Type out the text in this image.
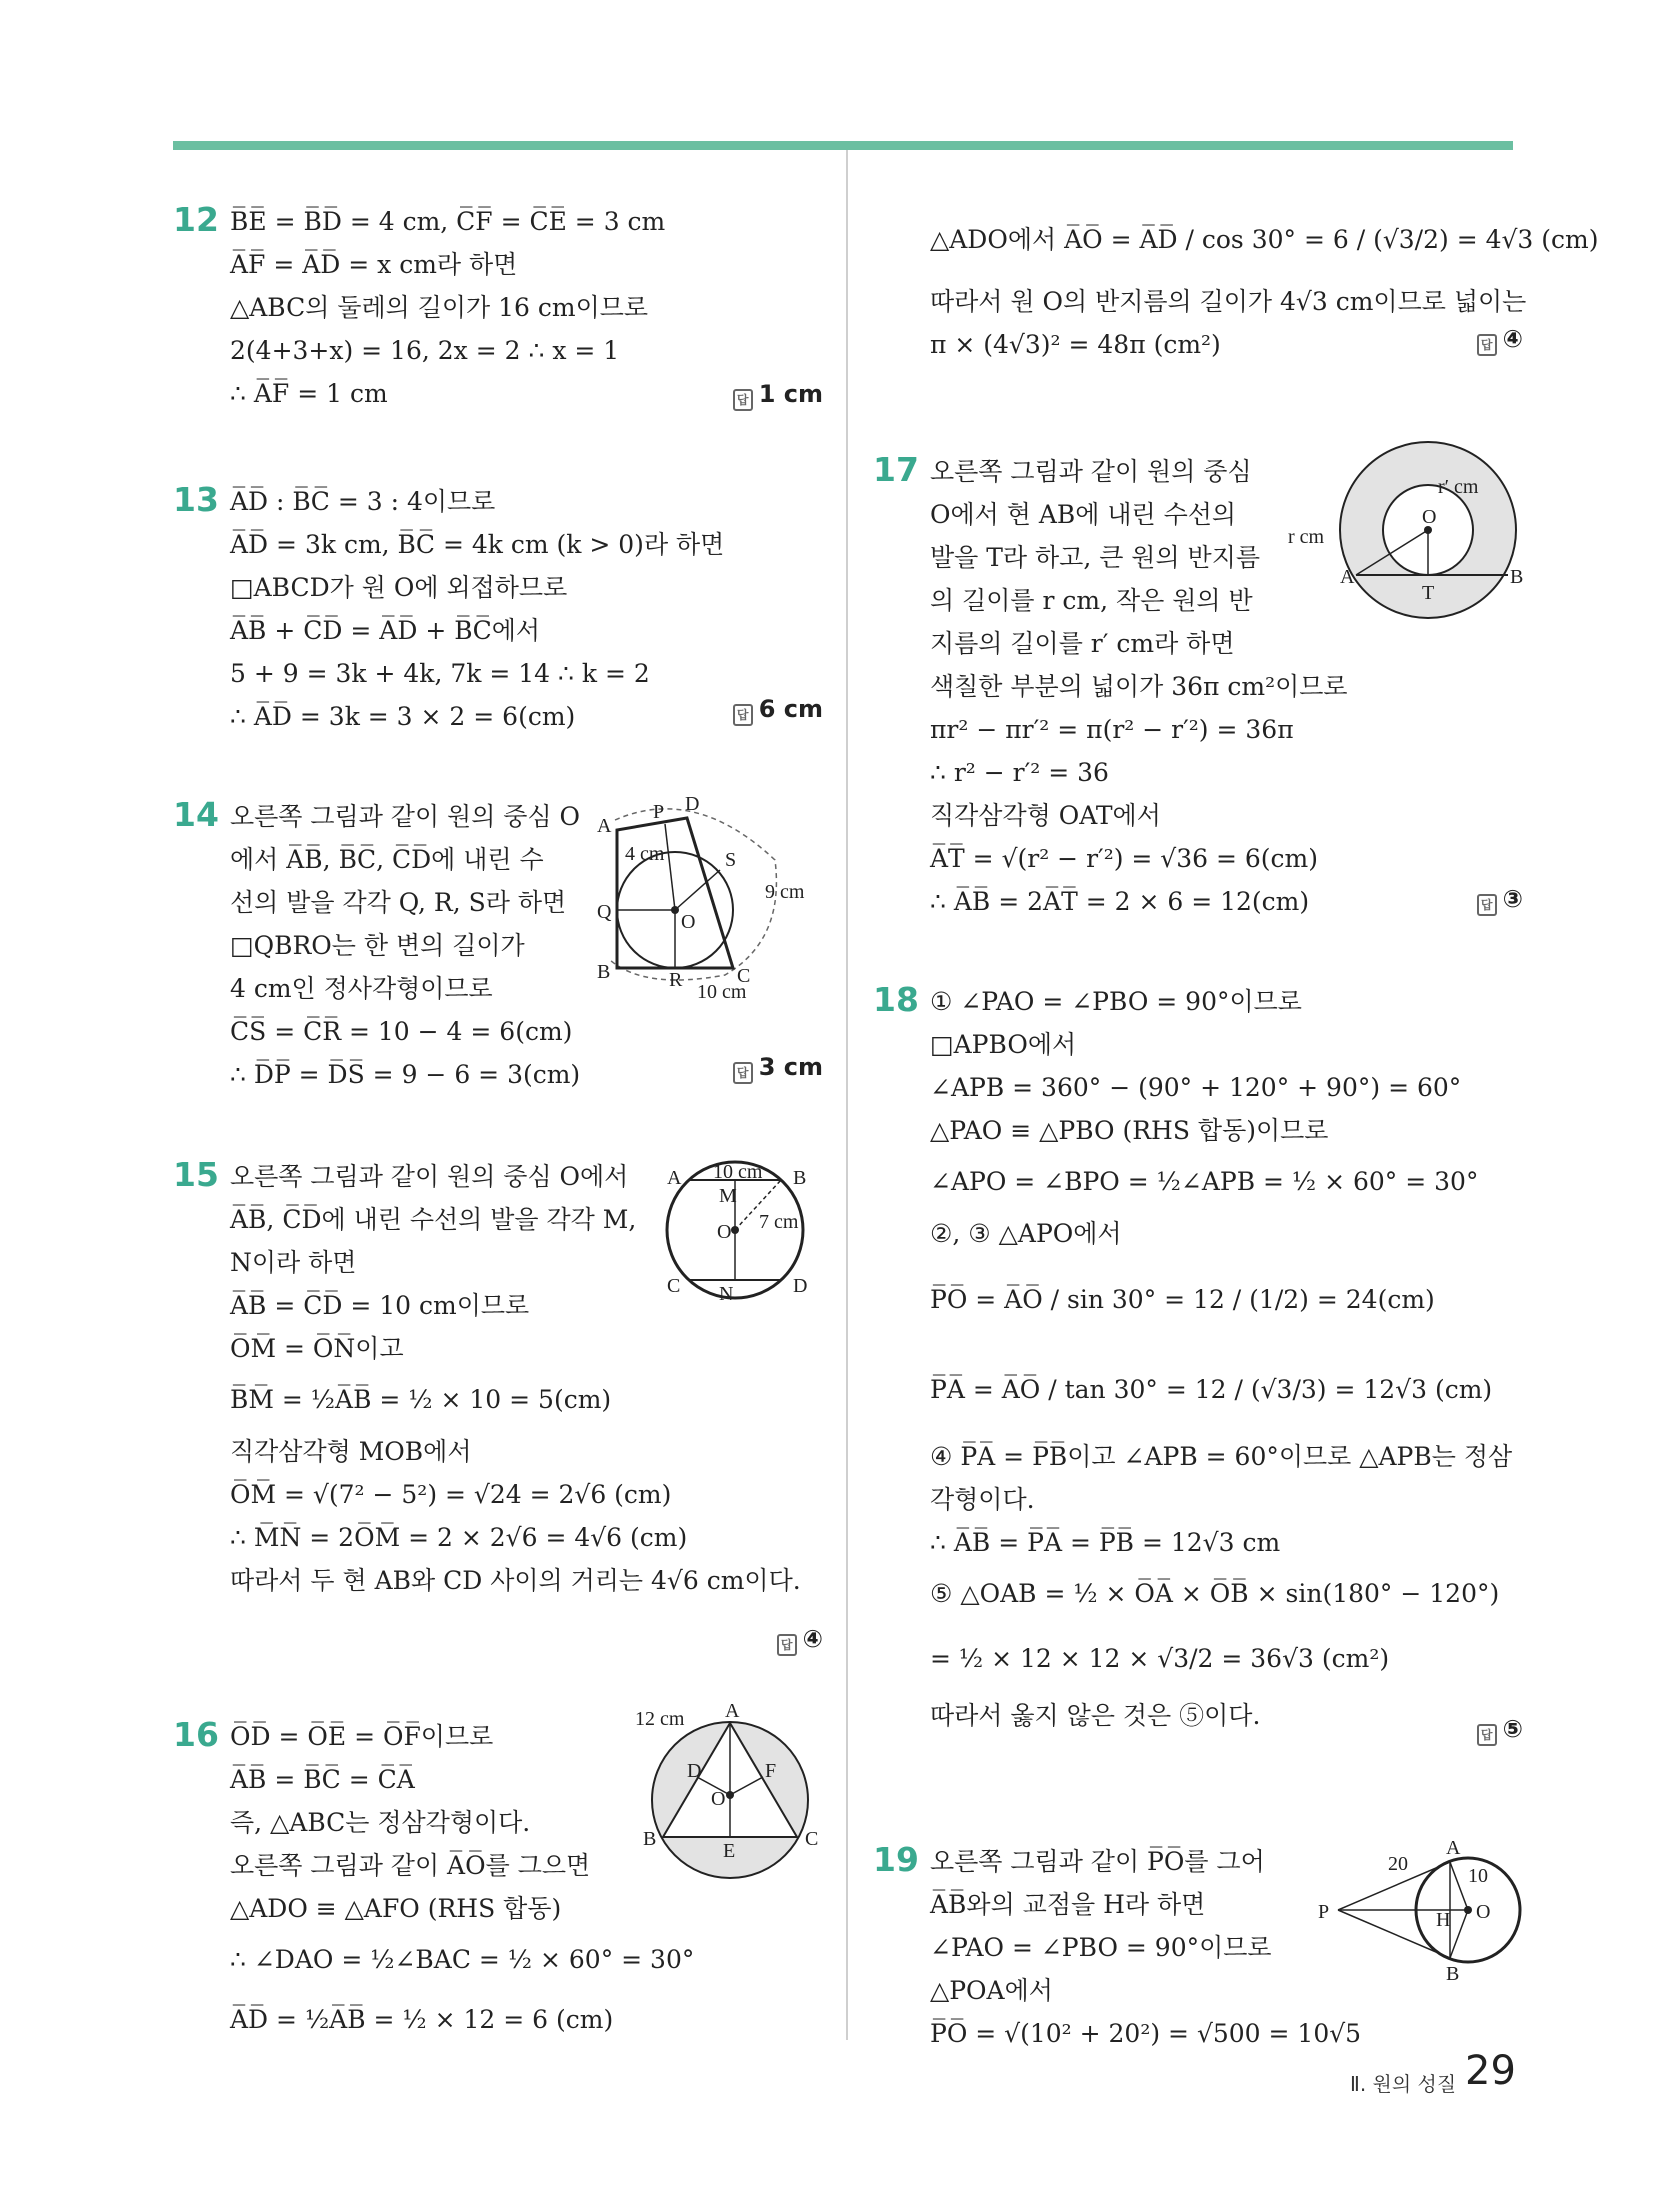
12 B̅E̅ = B̅D̅ = 4 cm, C̅F̅ = C̅E̅ = 3 cm
A̅F̅ = A̅D̅ = x cm라 하면
△ABC의 둘레의 길이가 16 cm이므로
2(4+3+x) = 16, 2x = 2 ∴ x = 1
∴ A̅F̅ = 1 cm	답 1 cm
13 A̅D̅ : B̅C̅ = 3 : 4이므로
A̅D̅ = 3k cm, B̅C̅ = 4k cm (k > 0)라 하면
□ABCD가 원 O에 외접하므로
A̅B̅ + C̅D̅ = A̅D̅ + B̅C̅에서
5 + 9 = 3k + 4k, 7k = 14 ∴ k = 2
∴ A̅D̅ = 3k = 3 × 2 = 6(cm)	답 6 cm
14 오른쪽 그림과 같이 원의 중심 O
에서 A̅B̅, B̅C̅, C̅D̅에 내린 수
선의 발을 각각 Q, R, S라 하면
□QBRO는 한 변의 길이가
4 cm인 정사각형이므로
C̅S̅ = C̅R̅ = 10 − 4 = 6(cm)
∴ D̅P̅ = D̅S̅ = 9 − 6 = 3(cm)	답 3 cm
A
B	C
D
P
Q
R
S
O
4 cm
9 cm
10 cm
15 오른쪽 그림과 같이 원의 중심 O에서
A̅B̅, C̅D̅에 내린 수선의 발을 각각 M,
N이라 하면
A̅B̅ = C̅D̅ = 10 cm이므로
O̅M̅ = O̅N̅이고
B̅M̅ = ½A̅B̅ = ½ × 10 = 5(cm)
직각삼각형 MOB에서
O̅M̅ = √(7² − 5²) = √24 = 2√6 (cm)
∴ M̅N̅ = 2O̅M̅ = 2 × 2√6 = 4√6 (cm)
따라서 두 현 AB와 CD 사이의 거리는 4√6 cm이다.
답 ④
A	B
C	D
M
N
O
10 cm
7 cm
16 O̅D̅ = O̅E̅ = O̅F̅이므로
A̅B̅ = B̅C̅ = C̅A̅
즉, △ABC는 정삼각형이다.
오른쪽 그림과 같이 A̅O̅를 그으면
△ADO ≡ △AFO (RHS 합동)
∴ ∠DAO = ½∠BAC = ½ × 60° = 30°
A̅D̅ = ½A̅B̅ = ½ × 12 = 6 (cm)
A
B	C
D
E
F
O
12 cm
△ADO에서 A̅O̅ = A̅D̅ / cos 30° = 6 / (√3/2) = 4√3 (cm)
따라서 원 O의 반지름의 길이가 4√3 cm이므로 넓이는
π × (4√3)² = 48π (cm²)	답 ④
17 오른쪽 그림과 같이 원의 중심
O에서 현 AB에 내린 수선의
발을 T라 하고, 큰 원의 반지름
의 길이를 r cm, 작은 원의 반
지름의 길이를 r′ cm라 하면
색칠한 부분의 넓이가 36π cm²이므로
πr² − πr′² = π(r² − r′²) = 36π
∴ r² − r′² = 36
직각삼각형 OAT에서
A̅T̅ = √(r² − r′²) = √36 = 6(cm)
∴ A̅B̅ = 2A̅T̅ = 2 × 6 = 12(cm)	답 ③
A	B
O
T
r cm
r′ cm
18 ① ∠PAO = ∠PBO = 90°이므로
□APBO에서
∠APB = 360° − (90° + 120° + 90°) = 60°
△PAO ≡ △PBO (RHS 합동)이므로
∠APO = ∠BPO = ½∠APB = ½ × 60° = 30°
②, ③ △APO에서
P̅O̅ = A̅O̅ / sin 30° = 12 / (1/2) = 24(cm)
P̅A̅ = A̅O̅ / tan 30° = 12 / (√3/3) = 12√3 (cm)
④ P̅A̅ = P̅B̅이고 ∠APB = 60°이므로 △APB는 정삼
각형이다.
∴ A̅B̅ = P̅A̅ = P̅B̅ = 12√3 cm
⑤ △OAB = ½ × O̅A̅ × O̅B̅ × sin(180° − 120°)
= ½ × 12 × 12 × √3/2 = 36√3 (cm²)
따라서 옳지 않은 것은 ⑤이다.
답 ⑤
19 오른쪽 그림과 같이 P̅O̅를 그어
A̅B̅와의 교점을 H라 하면
∠PAO = ∠PBO = 90°이므로
△POA에서
P̅O̅ = √(10² + 20²) = √500 = 10√5
A
B
H O
P
20
10
Ⅱ. 원의 성질 29
